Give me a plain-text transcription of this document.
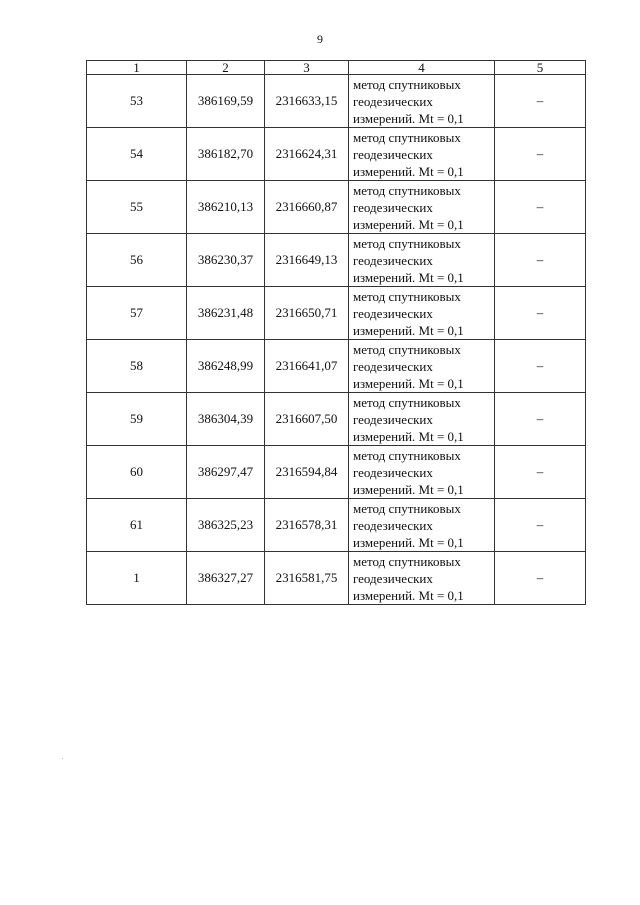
9
1	2	3	4	5
53	386169,59	2316633,15	метод спутниковых
геодезических
измерений. Mt = 0,1	–
54	386182,70	2316624,31	метод спутниковых
геодезических
измерений. Mt = 0,1	–
55	386210,13	2316660,87	метод спутниковых
геодезических
измерений. Mt = 0,1	–
56	386230,37	2316649,13	метод спутниковых
геодезических
измерений. Mt = 0,1	–
57	386231,48	2316650,71	метод спутниковых
геодезических
измерений. Mt = 0,1	–
58	386248,99	2316641,07	метод спутниковых
геодезических
измерений. Mt = 0,1	–
59	386304,39	2316607,50	метод спутниковых
геодезических
измерений. Mt = 0,1	–
60	386297,47	2316594,84	метод спутниковых
геодезических
измерений. Mt = 0,1	–
61	386325,23	2316578,31	метод спутниковых
геодезических
измерений. Mt = 0,1	–
1	386327,27	2316581,75	метод спутниковых
геодезических
измерений. Mt = 0,1	–
